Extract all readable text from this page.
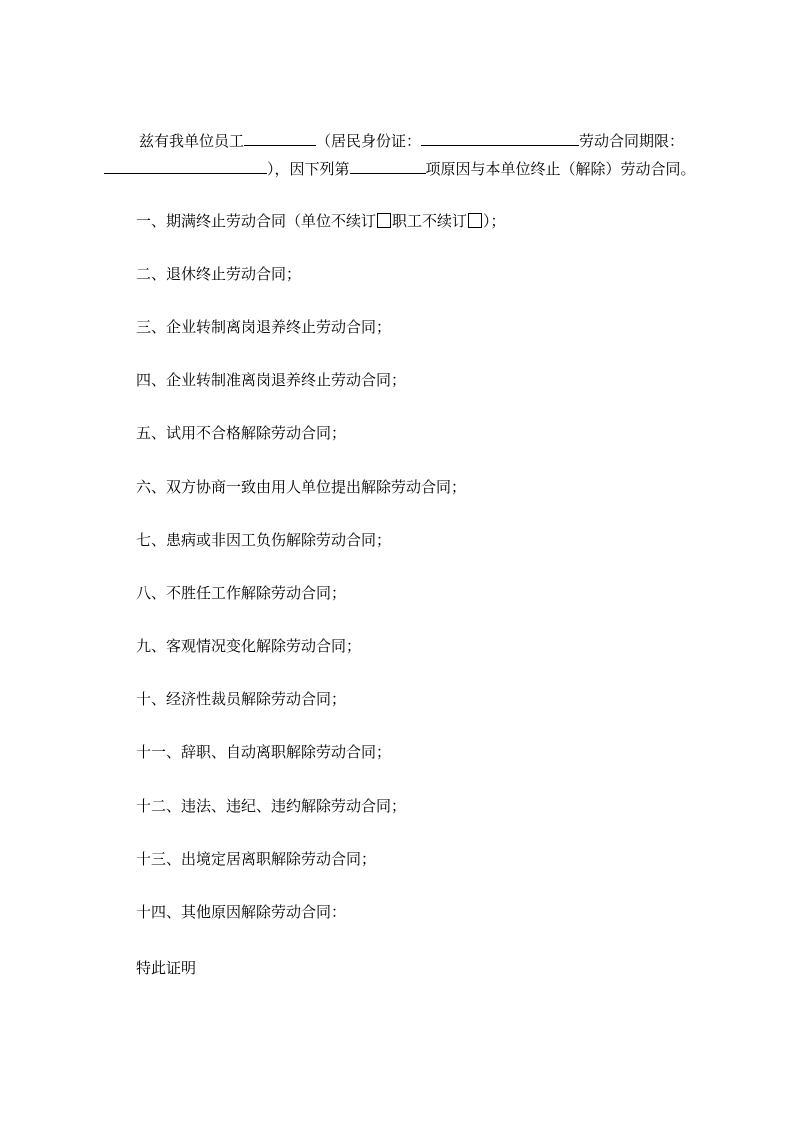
兹有我单位员工	（居民身份证：	劳动合同期限：
），因下列第	项原因与本单位终止（解除）劳动合同。
一、期满终止劳动合同（单位不续订 职工不续订 ）；
二、退休终止劳动合同；
三、企业转制离岗退养终止劳动合同；
四、企业转制准离岗退养终止劳动合同；
五、试用不合格解除劳动合同；
六、双方协商一致由用人单位提出解除劳动合同；
七、患病或非因工负伤解除劳动合同；
八、不胜任工作解除劳动合同；
九、客观情况变化解除劳动合同；
十、经济性裁员解除劳动合同；
十一、辞职、自动离职解除劳动合同；
十二、违法、违纪、违约解除劳动合同；
十三、出境定居离职解除劳动合同；
十四、其他原因解除劳动合同：
特此证明
